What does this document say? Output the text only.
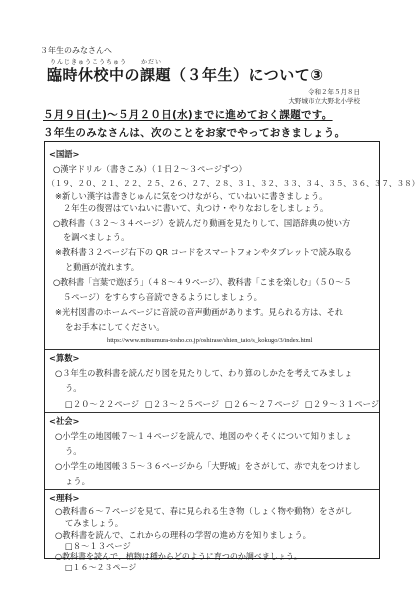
３年生のみなさんへ
りんじきゅうこうちゅう　　かだい
臨時休校中の課題（３年生）について③
令和２年５月８日
大野城市立大野北小学校
５月９日(土)～５月２０日(水)までに進めておく課題です。
３年生のみなさんは、次のことをお家でやっておきましょう。
<国語>
○漢字ドリル（書きこみ）（１日２～３ページずつ）
（１９、２０、２１、２２、２５、２６、２７、２８、３１、３２、３３、３４、３５、３６、３７、３８）
※新しい漢字は書きじゅんに気をつけながら、ていねいに書きましょう。
２年生の復習はていねいに書いて、丸つけ・やりなおしをしましょう。
○教科書（３２～３４ページ）を読んだり動画を見たりして、国語辞典の使い方
を調べましょう。
※教科書３２ページ右下の QR コードをスマートフォンやタブレットで読み取る
と動画が流れます。
○教科書「言葉で遊ぼう」（４８～４９ページ）、教科書「こまを楽しむ」（５０～５
５ページ）をすらすら音読できるようにしましょう。
※光村図書のホームページに音読の音声動画があります。見られる方は、それ
をお手本にしてください。
https://www.mitsumura-tosho.co.jp/oshirase/shien_taio/s_kokugo/3/index.html
<算数>
○３年生の教科書を読んだり図を見たりして、わり算のしかたを考えてみましょ
う。
□２０～２２ページ □２３～２５ページ □２６～２７ページ □２９～３１ページ
<社会>
○小学生の地図帳７～１４ページを読んで、地図のやくそくについて知りましょ
う。
○小学生の地図帳３５～３６ページから「大野城」をさがして、赤で丸をつけまし
ょう。
<理科>
○教科書６～７ページを見て、春に見られる生き物（しょく物や動物）をさがし
てみましょう。
○教科書を読んで、これからの理科の学習の進め方を知りましょう。
□８～１３ページ
○教科書を読んで、植物は種からどのように育つのか調べましょう。
□１６～２３ページ
